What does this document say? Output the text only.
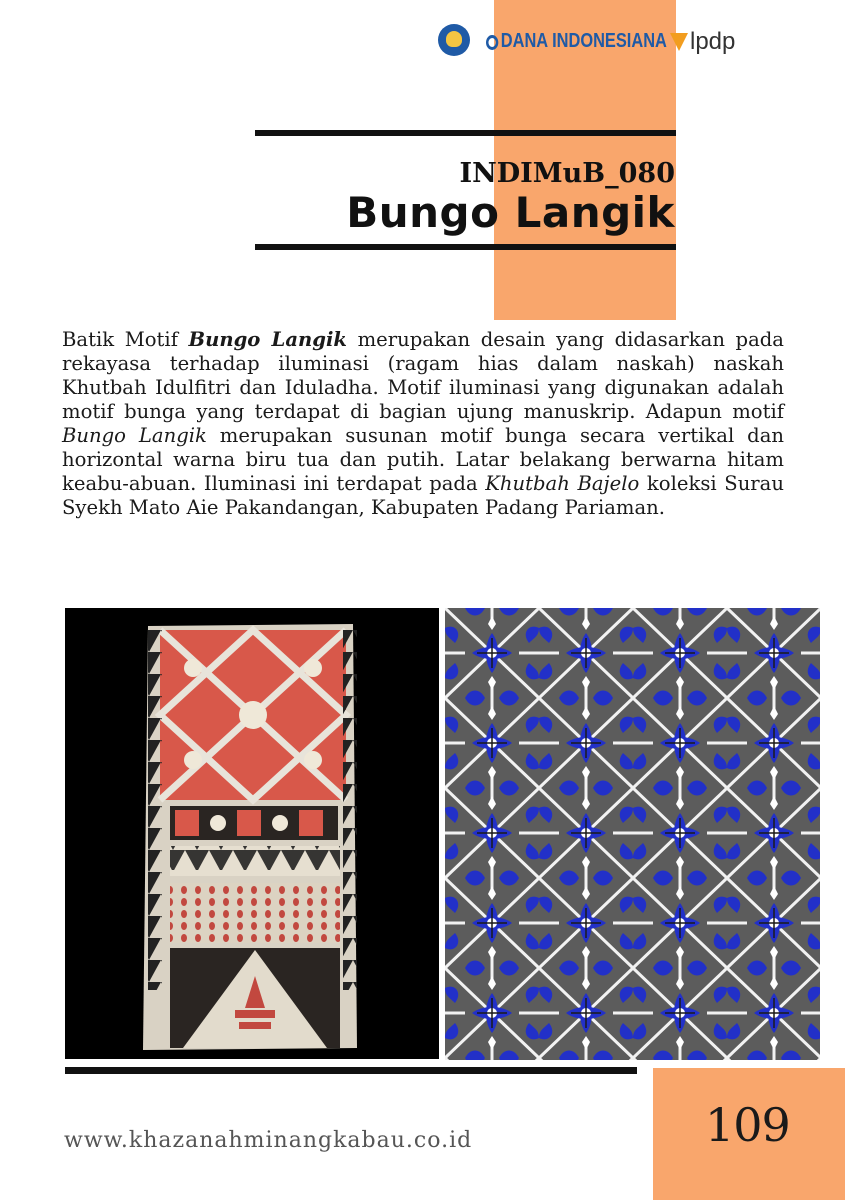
DANA INDONESIANA lpdp
INDIMuB_080
Bungo Langik
Batik Motif Bungo Langik merupakan desain yang didasarkan pada rekayasa terhadap iluminasi (ragam hias dalam naskah) naskah Khutbah Idulfitri dan Iduladha. Motif iluminasi yang digunakan adalah motif bunga yang terdapat di bagian ujung manuskrip. Adapun motif Bungo Langik merupakan susunan motif bunga secara vertikal dan horizontal warna biru tua dan putih. Latar belakang berwarna hitam keabu-abuan. Iluminasi ini terdapat pada Khutbah Bajelo koleksi Surau Syekh Mato Aie Pakandangan, Kabupaten Padang Pariaman.
www.khazanahminangkabau.co.id	109
